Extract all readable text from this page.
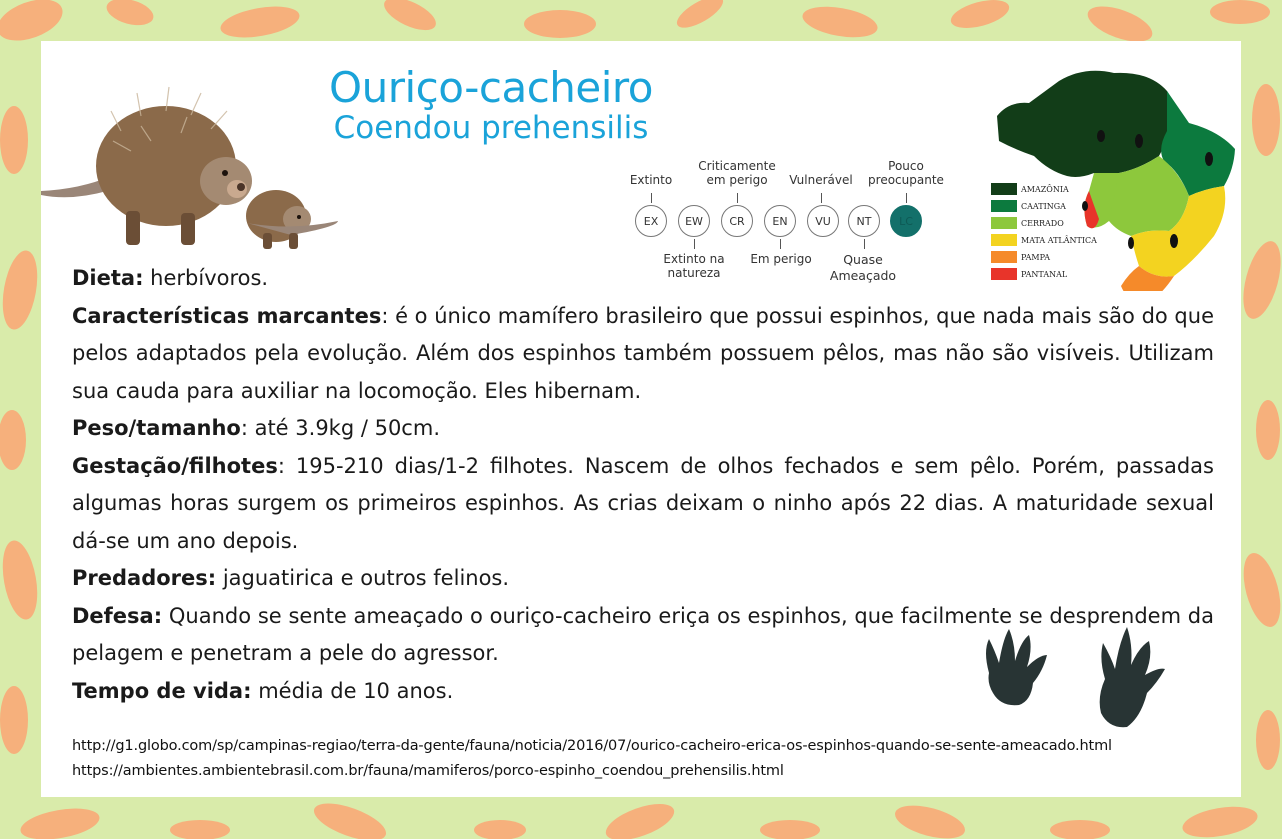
Ouriço-cacheiro
Coendou prehensilis
Extinto
Criticamente em perigo	Vulnerável
Pouco preocupante
EX	EW	CR	EN	VU	NT	LC
Extinto na natureza
Em perigo	Quase Ameaçado
AMAZÔNIA
CAATINGA
CERRADO
MATA ATLÂNTICA
PAMPA
PANTANAL

Dieta: herbívoros.

Características marcantes: é o único mamífero brasileiro que possui espinhos, que nada mais são do que pelos adaptados pela evolução. Além dos espinhos também possuem pêlos, mas não são visíveis. Utilizam sua cauda para auxiliar na locomoção. Eles hibernam.

Peso/tamanho: até 3.9kg / 50cm.

Gestação/filhotes: 195-210 dias/1-2 filhotes. Nascem de olhos fechados e sem pêlo. Porém, passadas algumas horas surgem os primeiros espinhos. As crias deixam o ninho após 22 dias. A maturidade sexual dá-se um ano depois.

Predadores: jaguatirica e outros felinos.

Defesa: Quando se sente ameaçado o ouriço-cacheiro eriça os espinhos, que facilmente se desprendem da pelagem e penetram a pele do agressor.

Tempo de vida: média de 10 anos.

http://g1.globo.com/sp/campinas-regiao/terra-da-gente/fauna/noticia/2016/07/ourico-cacheiro-erica-os-espinhos-quando-se-sente-ameacado.html
https://ambientes.ambientebrasil.com.br/fauna/mamiferos/porco-espinho_coendou_prehensilis.html
